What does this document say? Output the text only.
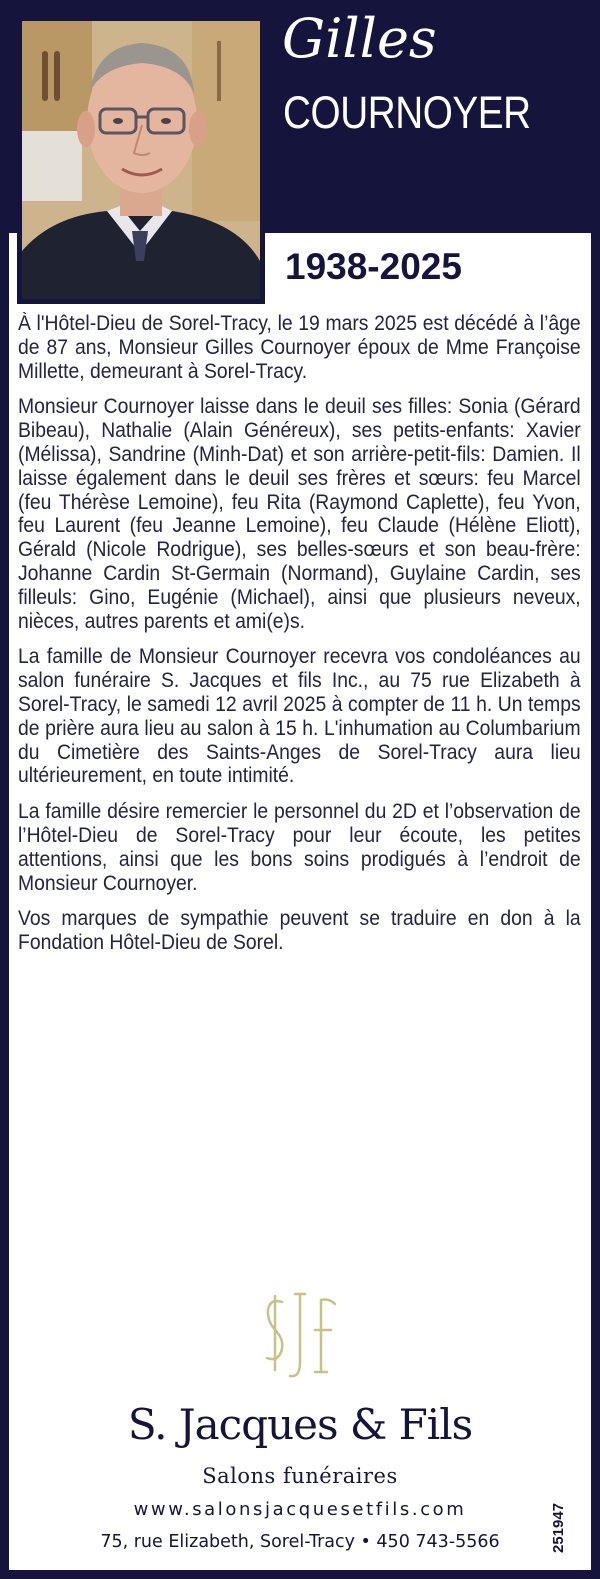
Gilles
COURNOYER
1938-2025

À l'Hôtel-Dieu de Sorel-Tracy, le 19 mars 2025 est décédé à l’âge de 87 ans, Monsieur Gilles Cournoyer époux de Mme Françoise Millette, demeurant à Sorel-Tracy.

Monsieur Cournoyer laisse dans le deuil ses filles: Sonia (Gérard Bibeau), Nathalie (Alain Généreux), ses petits-enfants: Xavier (Mélissa), Sandrine (Minh-Dat) et son arrière-petit-fils: Damien. Il laisse également dans le deuil ses frères et sœurs: feu Marcel (feu Thérèse Lemoine), feu Rita (Raymond Caplette), feu Yvon, feu Laurent (feu Jeanne Lemoine), feu Claude (Hélène Eliott), Gérald (Nicole Rodrigue), ses belles-sœurs et son beau-frère: Johanne Cardin St-Germain (Normand), Guylaine Cardin, ses filleuls: Gino, Eugénie (Michael), ainsi que plusieurs neveux, nièces, autres parents et ami(e)s.

La famille de Monsieur Cournoyer recevra vos condoléances au salon funéraire S. Jacques et fils Inc., au 75 rue Elizabeth à Sorel-Tracy, le samedi 12 avril 2025 à compter de 11 h. Un temps de prière aura lieu au salon à 15 h. L'inhumation au Columbarium du Cimetière des Saints-Anges de Sorel-Tracy aura lieu ultérieurement, en toute intimité.

La famille désire remercier le personnel du 2D et l’observation de l’Hôtel-Dieu de Sorel-Tracy pour leur écoute, les petites attentions, ainsi que les bons soins prodigués à l’endroit de Monsieur Cournoyer.

Vos marques de sympathie peuvent se traduire en don à la Fondation Hôtel-Dieu de Sorel.

S. Jacques & Fils
Salons funéraires
www.salonsjacquesetfils.com
75, rue Elizabeth, Sorel-Tracy • 450 743-5566	251947
